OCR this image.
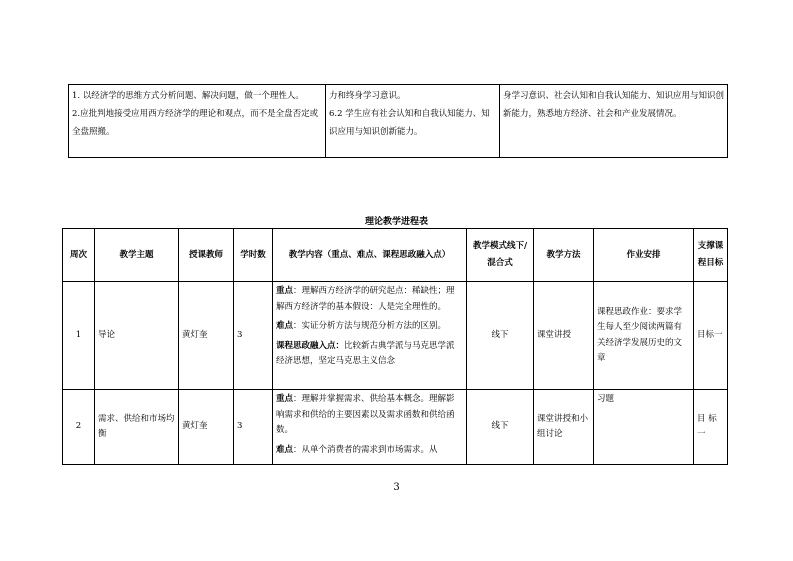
1. 以经济学的思维方式分析问题、解决问题，做一个理性人。
2.应批判地接受应用西方经济学的理论和观点，而不是全盘否定或全盘照搬。

力和终身学习意识。
6.2 学生应有社会认知和自我认知能力、知识应用与知识创新能力。

身学习意识、社会认知和自我认知能力、知识应用与知识创新能力，熟悉地方经济、社会和产业发展情况。
理论教学进程表
周次	教学主题	授课教师	学时数	教学内容（重点、难点、课程思政融入点）	教学模式线下/混合式	教学方法	作业安排	支撑课程目标
1	导论	黄灯奎	3	重点：理解西方经济学的研究起点：稀缺性；理解西方经济学的基本假设：人是完全理性的。
难点：实证分析方法与规范分析方法的区别。
课程思政融入点：比较新古典学派与马克思学派经济思想，坚定马克思主义信念	线下	课堂讲授	课程思政作业：要求学生每人至少阅读两篇有关经济学发展历史的文章	目标一
2	需求、供给和市场均衡	黄灯奎	3	重点：理解并掌握需求、供给基本概念。理解影响需求和供给的主要因素以及需求函数和供给函数。
难点：从单个消费者的需求到市场需求。从	线下	课堂讲授和小组讨论	习题	目 标一
3
